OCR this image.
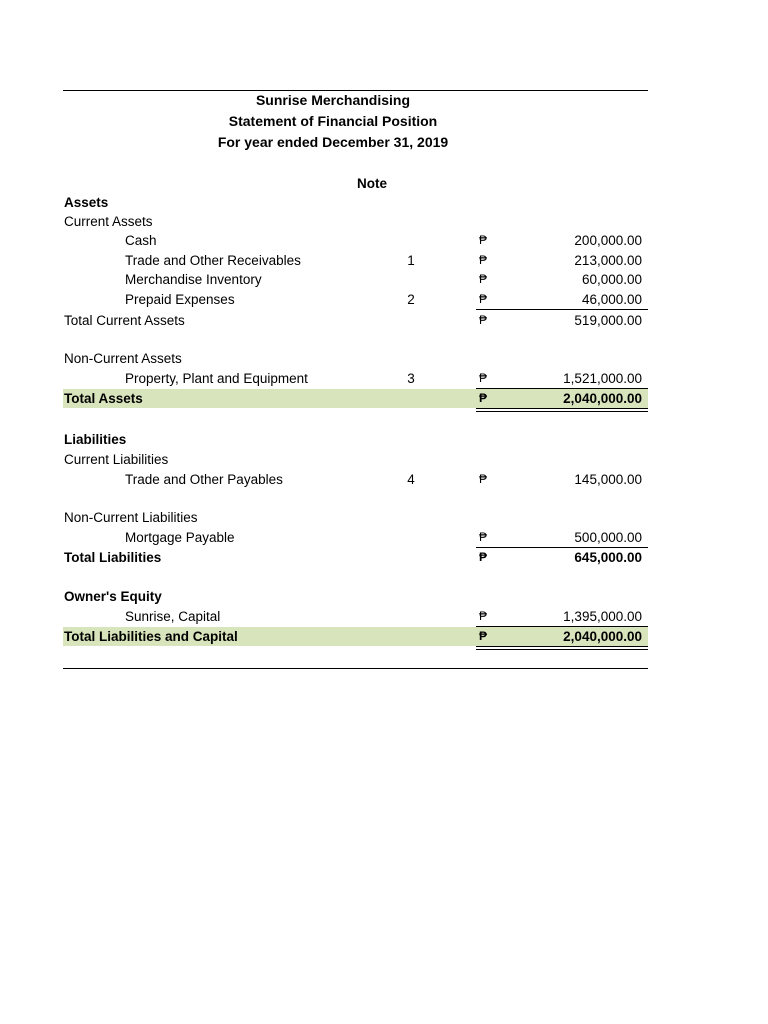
Sunrise Merchandising
Statement of Financial Position
For year ended December 31, 2019
Note
Assets
Current Assets
Cash	₱	200,000.00
Trade and Other Receivables	1	₱	213,000.00
Merchandise Inventory	₱	60,000.00
Prepaid Expenses	2	₱	46,000.00
Total Current Assets	₱	519,000.00
Non-Current Assets
Property, Plant and Equipment	3	₱	1,521,000.00
Total Assets	₱	2,040,000.00
Liabilities
Current Liabilities
Trade and Other Payables	4	₱	145,000.00
Non-Current Liabilities
Mortgage Payable	₱	500,000.00
Total Liabilities	₱	645,000.00
Owner's Equity
Sunrise, Capital	₱	1,395,000.00
Total Liabilities and Capital	₱	2,040,000.00
